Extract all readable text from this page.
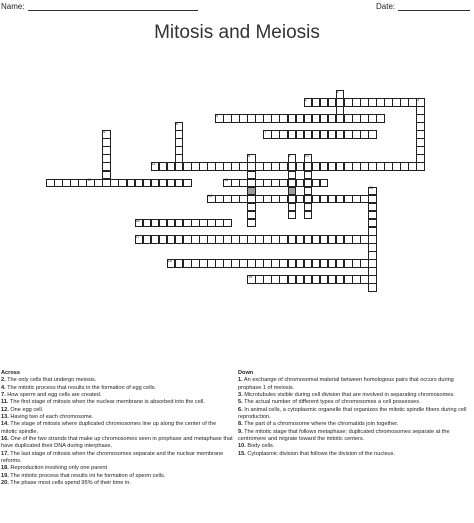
Name:	Date:
Mitosis and Meiosis
1
2	3
4
5
6	7
8	9	10
11
12	13
14
15
16
17
18
19
Across
2. The only cells that undergo meiosis.
4. The mitotic process that results in the formation of egg cells.
7. How sperm and egg cells are created.
11. The first stage of mitosis when the nuclear membrane is absorbed into the cell.
12. One egg cell.
13. Having two of each chromosome.
14. The stage of mitosis where duplicated chromosomes line up along the center of the mitotic spindle.
16. One of the two strands that make up chromosomes seen in prophase and metaphase that have duplicated their DNA during interphase.
17. The last stage of mitosis when the chromosomes separate and the nuclear membrane reforms.
18. Reproduction involving only one parent
19. The mitotic process that results int he formation of sperm cells.
20. The phase most cells spend 95% of their time in.
Down
1. An exchange of chromosomal material between homologous pairs that occurs during prophase 1 of meiosis.
3. Microtubules visible during cell division that are involved in separating chromosomes.
5. The actual number of different types of chromosomes a cell possesses.
6. In animal cells, a cytoplasmic organelle that organizes the mitotic spindle fibers during cell reproduction.
8. The part of a chromosome where the chromatids join together.
9. The mitotic stage that follows metaphase; duplicated chromosomes separate at the centromere and migrate toward the mitotic centers.
10. Body cells.
15. Cytoplasmic division that follows the division of the nucleus.
